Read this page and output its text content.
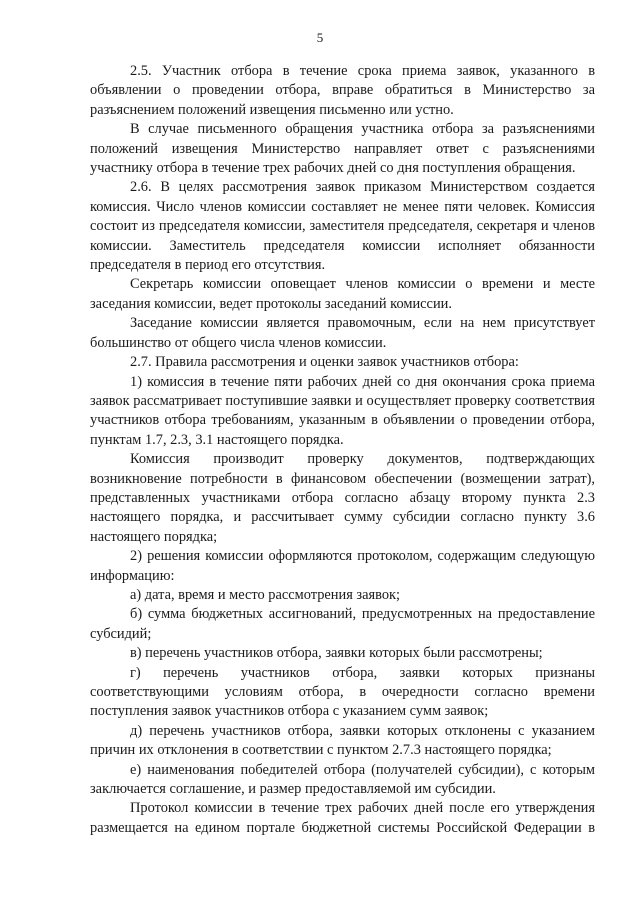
5

2.5. Участник отбора в течение срока приема заявок, указанного в объявлении о проведении отбора, вправе обратиться в Министерство за разъяснением положений извещения письменно или устно.

В случае письменного обращения участника отбора за разъяснениями положений извещения Министерство направляет ответ с разъяснениями участнику отбора в течение трех рабочих дней со дня поступления обращения.

2.6. В целях рассмотрения заявок приказом Министерством создается комиссия. Число членов комиссии составляет не менее пяти человек. Комиссия состоит из председателя комиссии, заместителя председателя, секретаря и членов комиссии. Заместитель председателя комиссии исполняет обязанности председателя в период его отсутствия.

Секретарь комиссии оповещает членов комиссии о времени и месте заседания комиссии, ведет протоколы заседаний комиссии.

Заседание комиссии является правомочным, если на нем присутствует большинство от общего числа членов комиссии.

2.7. Правила рассмотрения и оценки заявок участников отбора:

1) комиссия в течение пяти рабочих дней со дня окончания срока приема заявок рассматривает поступившие заявки и осуществляет проверку соответствия участников отбора требованиям, указанным в объявлении о проведении отбора, пунктам 1.7, 2.3, 3.1 настоящего порядка.

Комиссия производит проверку документов, подтверждающих возникновение потребности в финансовом обеспечении (возмещении затрат), представленных участниками отбора согласно абзацу второму пункта 2.3 настоящего порядка, и рассчитывает сумму субсидии согласно пункту 3.6 настоящего порядка;

2) решения комиссии оформляются протоколом, содержащим следующую информацию:

а) дата, время и место рассмотрения заявок;

б) сумма бюджетных ассигнований, предусмотренных на предоставление субсидий;

в) перечень участников отбора, заявки которых были рассмотрены;

г) перечень участников отбора, заявки которых признаны соответствующими условиям отбора, в очередности согласно времени поступления заявок участников отбора с указанием сумм заявок;

д) перечень участников отбора, заявки которых отклонены с указанием причин их отклонения в соответствии с пунктом 2.7.3 настоящего порядка;

е) наименования победителей отбора (получателей субсидии), с которым заключается соглашение, и размер предоставляемой им субсидии.

Протокол комиссии в течение трех рабочих дней после его утверждения размещается на едином портале бюджетной системы Российской Федерации в
